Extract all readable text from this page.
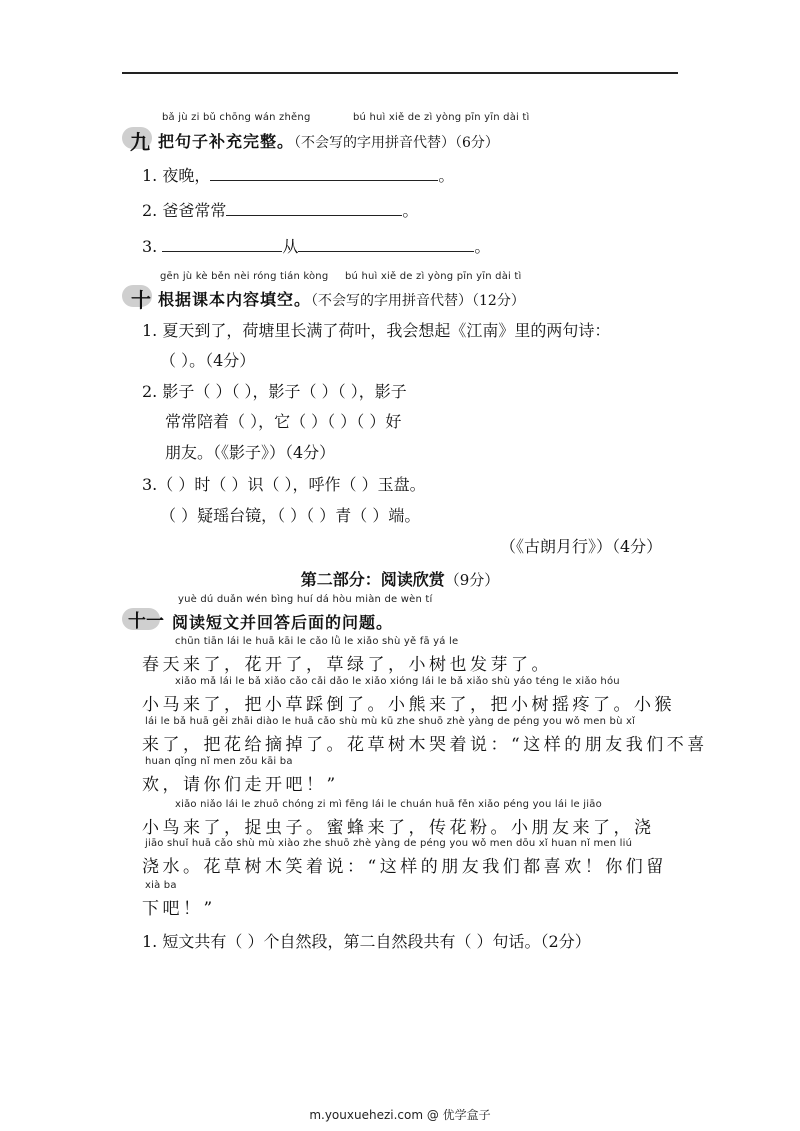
bǎ jù zi bǔ chōng wán zhěng	bú huì xiě de zì yòng pīn yīn dài tì
九 把句子补充完整。（不会写的字用拼音代替）（6分）
1. 夜晚，	。
2. 爸爸常常	。
3.	从	。
gēn jù kè běn nèi róng tián kòng bú huì xiě de zì yòng pīn yīn dài tì
十 根据课本内容填空。（不会写的字用拼音代替）（12分）
1. 夏天到了，荷塘里长满了荷叶，我会想起《江南》里的两句诗：
（ ）。（4分）
2. 影子（ ）（ ），影子（ ）（ ），影子
常常陪着（ ），它（ ）（ ）（ ）好
朋友。（《影子》）（4分）
3.（ ）时（ ）识（ ），呼作（ ）玉盘。
（ ）疑瑶台镜，（ ）（ ）青（ ）端。
（《古朗月行》）（4分）
第二部分：阅读欣赏（9分）
yuè dú duǎn wén bìng huí dá hòu miàn de wèn tí
十一 阅读短文并回答后面的问题。
chūn tiān lái le huā kāi le cǎo lǜ le xiǎo shù yě fā yá le
春天来了，花开了，草绿了，小树也发芽了。
xiǎo mǎ lái le bǎ xiǎo cǎo cǎi dǎo le xiǎo xióng lái le bǎ xiǎo shù yáo téng le xiǎo hóu
小马来了，把小草踩倒了。小熊来了，把小树摇疼了。小猴
lái le bǎ huā gěi zhāi diào le huā cǎo shù mù kū zhe shuō zhè yàng de péng you wǒ men bù xǐ
来了，把花给摘掉了。花草树木哭着说：“这样的朋友我们不喜
huan qǐng nǐ men zǒu kāi ba
欢，请你们走开吧！”
xiǎo niǎo lái le zhuō chóng zi mì fēng lái le chuán huā fěn xiǎo péng you lái le jiāo
小鸟来了，捉虫子。蜜蜂来了，传花粉。小朋友来了，浇
jiāo shuǐ huā cǎo shù mù xiào zhe shuō zhè yàng de péng you wǒ men dōu xǐ huan nǐ men liú
浇水。花草树木笑着说：“这样的朋友我们都喜欢！你们留
xià ba
下吧！”
1. 短文共有（ ）个自然段，第二自然段共有（ ）句话。（2分）
m.youxuehezi.com @ 优学盒子
